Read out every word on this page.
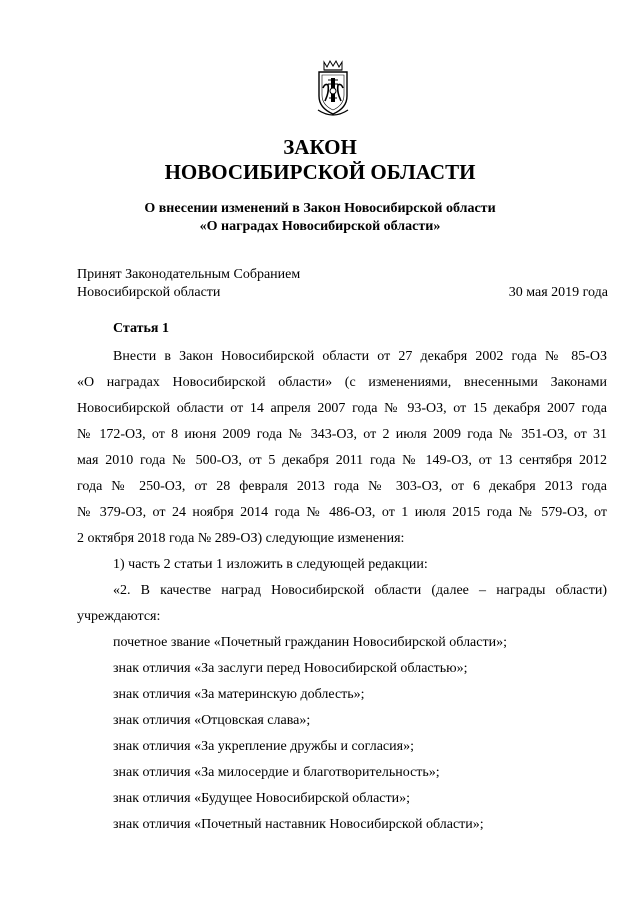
ЗАКОН
НОВОСИБИРСКОЙ ОБЛАСТИ
О внесении изменений в Закон Новосибирской области
«О наградах Новосибирской области»
Принят Законодательным Собранием
Новосибирской области	30 мая 2019 года
Статья 1
Внести в Закон Новосибирской области от 27 декабря 2002 года № 85-ОЗ
«О наградах Новосибирской области» (с изменениями, внесенными Законами
Новосибирской области от 14 апреля 2007 года № 93-ОЗ, от 15 декабря 2007 года
№ 172-ОЗ, от 8 июня 2009 года № 343-ОЗ, от 2 июля 2009 года № 351-ОЗ, от 31
мая 2010 года № 500-ОЗ, от 5 декабря 2011 года № 149-ОЗ, от 13 сентября 2012
года № 250-ОЗ, от 28 февраля 2013 года № 303-ОЗ, от 6 декабря 2013 года
№ 379-ОЗ, от 24 ноября 2014 года № 486-ОЗ, от 1 июля 2015 года № 579-ОЗ, от
2 октября 2018 года № 289-ОЗ) следующие изменения:
1) часть 2 статьи 1 изложить в следующей редакции:
«2. В качестве наград Новосибирской области (далее – награды области)
учреждаются:
почетное звание «Почетный гражданин Новосибирской области»;
знак отличия «За заслуги перед Новосибирской областью»;
знак отличия «За материнскую доблесть»;
знак отличия «Отцовская слава»;
знак отличия «За укрепление дружбы и согласия»;
знак отличия «За милосердие и благотворительность»;
знак отличия «Будущее Новосибирской области»;
знак отличия «Почетный наставник Новосибирской области»;
